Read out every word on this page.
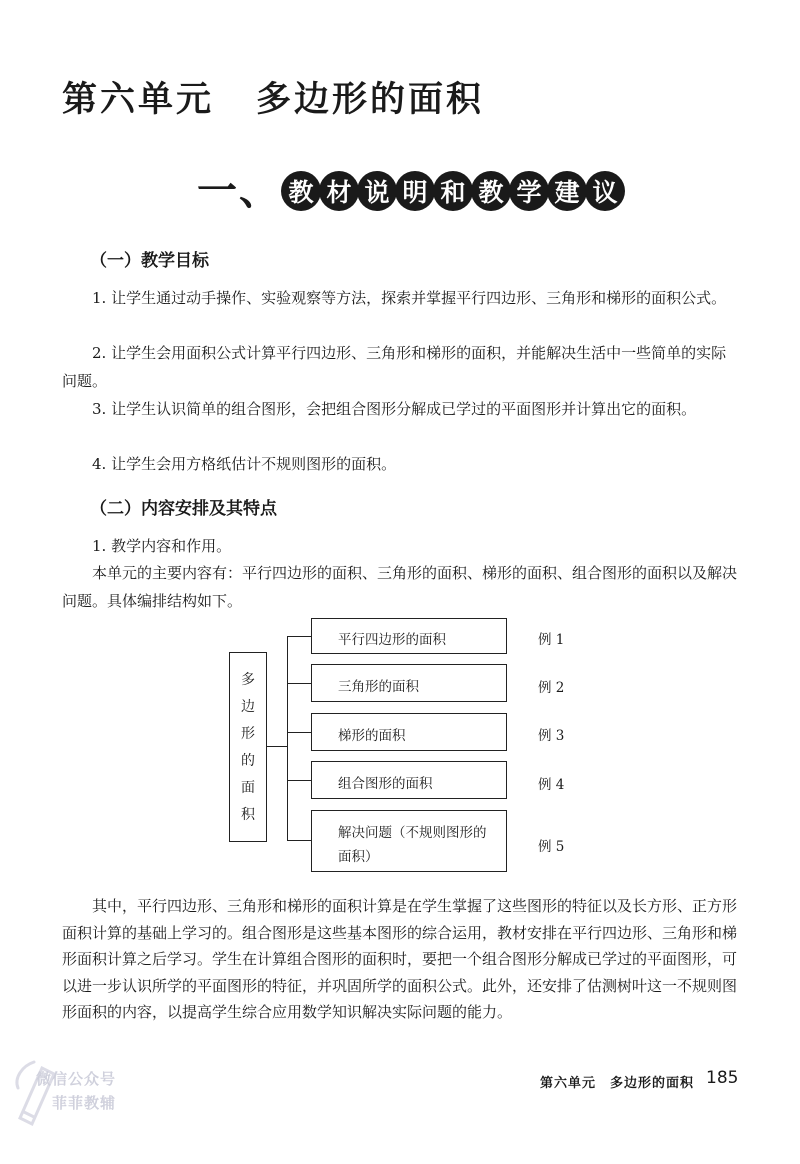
第六单元 多边形的面积
一 、 教 材 说 明 和 教 学 建 议
（一）教学目标
1. 让学生通过动手操作、实验观察等方法，探索并掌握平行四边形、三角形和梯形的面积公式。
2. 让学生会用面积公式计算平行四边形、三角形和梯形的面积，并能解决生活中一些简单的实际问题。
3. 让学生认识简单的组合图形，会把组合图形分解成已学过的平面图形并计算出它的面积。
4. 让学生会用方格纸估计不规则图形的面积。
（二）内容安排及其特点
1. 教学内容和作用。
本单元的主要内容有：平行四边形的面积、三角形的面积、梯形的面积、组合图形的面积以及解决问题。具体编排结构如下。
多
边
形
的
面
积
平行四边形的面积	例 1
三角形的面积	例 2
梯形的面积	例 3
组合图形的面积	例 4
解决问题（不规则图形的
面积）
例 5
其中，平行四边形、三角形和梯形的面积计算是在学生掌握了这些图形的特征以及长方形、正方形面积计算的基础上学习的。组合图形是这些基本图形的综合运用，教材安排在平行四边形、三角形和梯形面积计算之后学习。学生在计算组合图形的面积时，要把一个组合图形分解成已学过的平面图形，可以进一步认识所学的平面图形的特征，并巩固所学的面积公式。此外，还安排了估测树叶这一不规则图形面积的内容，以提高学生综合应用数学知识解决实际问题的能力。
微信公众号
菲菲教辅
第六单元　多边形的面积 185
